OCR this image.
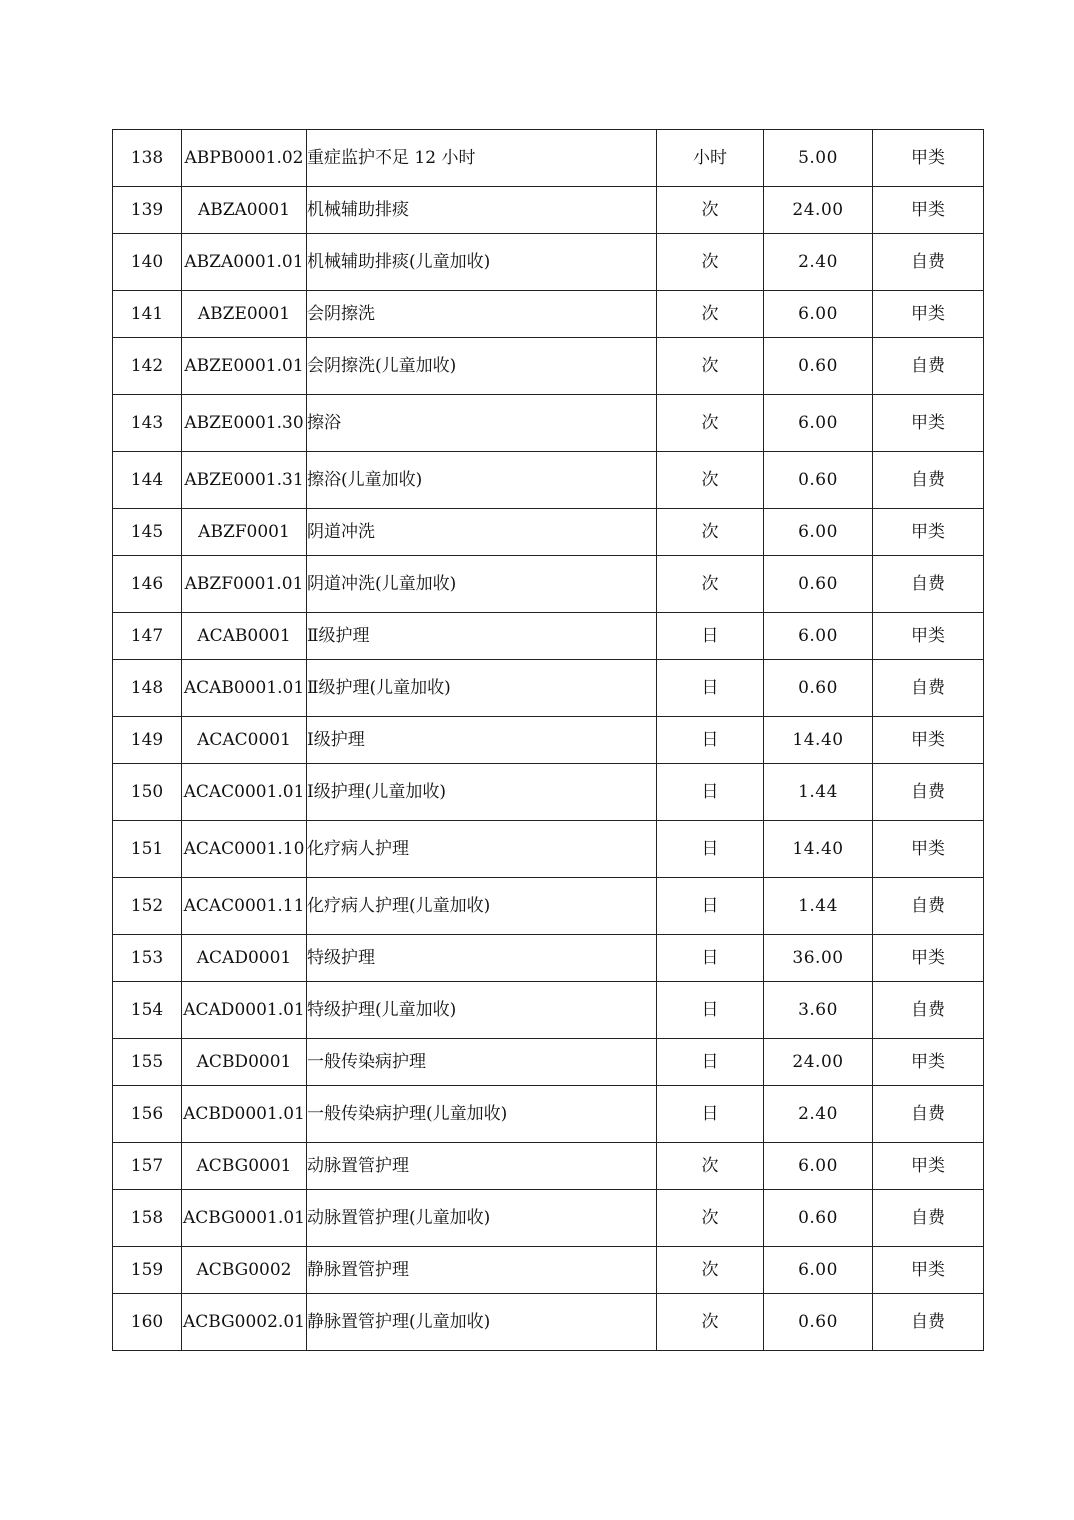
138	ABPB0001.02	重症监护不足 12 小时	小时	5.00	甲类
139	ABZA0001	机械辅助排痰	次	24.00	甲类
140	ABZA0001.01	机械辅助排痰(儿童加收)	次	2.40	自费
141	ABZE0001	会阴擦洗	次	6.00	甲类
142	ABZE0001.01	会阴擦洗(儿童加收)	次	0.60	自费
143	ABZE0001.30	擦浴	次	6.00	甲类
144	ABZE0001.31	擦浴(儿童加收)	次	0.60	自费
145	ABZF0001	阴道冲洗	次	6.00	甲类
146	ABZF0001.01	阴道冲洗(儿童加收)	次	0.60	自费
147	ACAB0001	Ⅱ级护理	日	6.00	甲类
148	ACAB0001.01	Ⅱ级护理(儿童加收)	日	0.60	自费
149	ACAC0001	Ⅰ级护理	日	14.40	甲类
150	ACAC0001.01	Ⅰ级护理(儿童加收)	日	1.44	自费
151	ACAC0001.10	化疗病人护理	日	14.40	甲类
152	ACAC0001.11	化疗病人护理(儿童加收)	日	1.44	自费
153	ACAD0001	特级护理	日	36.00	甲类
154	ACAD0001.01	特级护理(儿童加收)	日	3.60	自费
155	ACBD0001	一般传染病护理	日	24.00	甲类
156	ACBD0001.01	一般传染病护理(儿童加收)	日	2.40	自费
157	ACBG0001	动脉置管护理	次	6.00	甲类
158	ACBG0001.01	动脉置管护理(儿童加收)	次	0.60	自费
159	ACBG0002	静脉置管护理	次	6.00	甲类
160	ACBG0002.01	静脉置管护理(儿童加收)	次	0.60	自费
